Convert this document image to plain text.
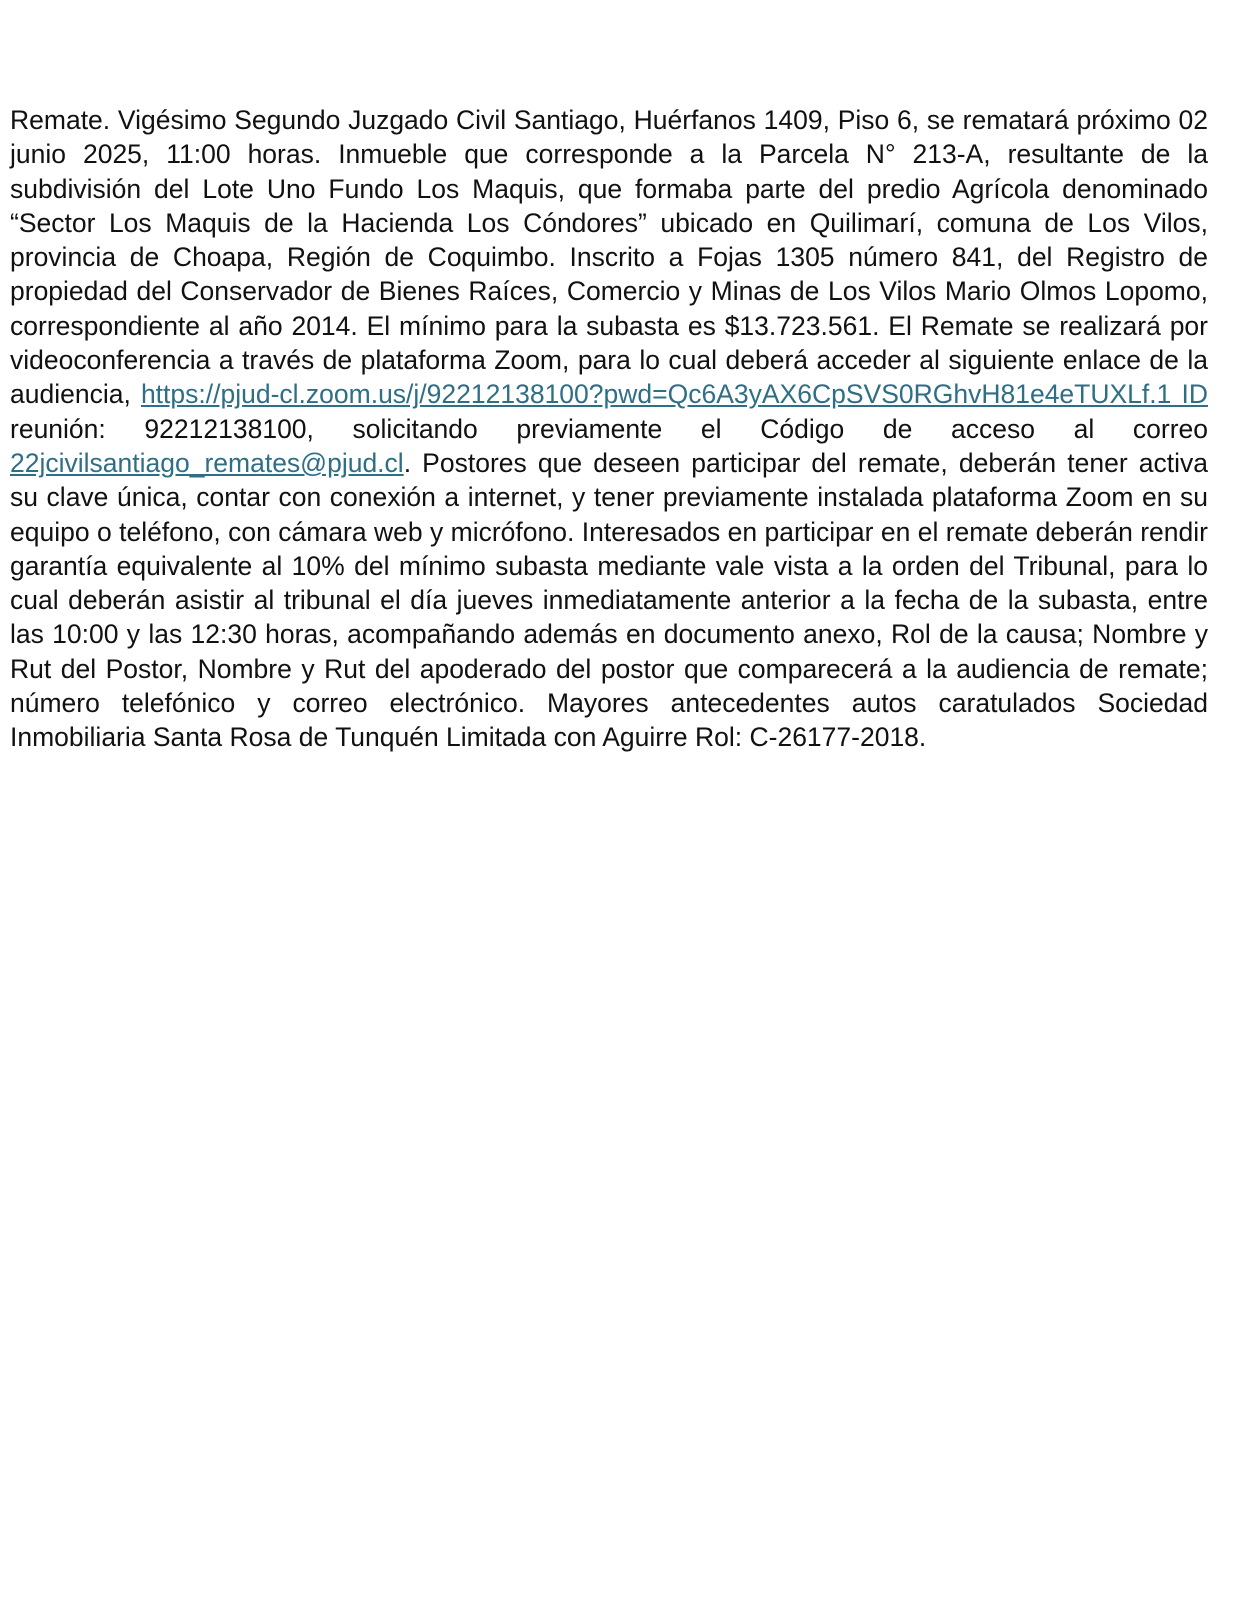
Remate. Vigésimo Segundo Juzgado Civil Santiago, Huérfanos 1409, Piso 6, se rematará próximo 02 junio 2025, 11:00 horas. Inmueble que corresponde a la Parcela N° 213-A, resultante de la subdivisión del Lote Uno Fundo Los Maquis, que formaba parte del predio Agrícola denominado “Sector Los Maquis de la Hacienda Los Cóndores” ubicado en Quilimarí, comuna de Los Vilos, provincia de Choapa, Región de Coquimbo. Inscrito a Fojas 1305 número 841, del Registro de propiedad del Conservador de Bienes Raíces, Comercio y Minas de Los Vilos Mario Olmos Lopomo, correspondiente al año 2014. El mínimo para la subasta es $13.723.561. El Remate se realizará por videoconferencia a través de plataforma Zoom, para lo cual deberá acceder al siguiente enlace de la audiencia, https://pjud-cl.zoom.us/j/92212138100?pwd=Qc6A3yAX6CpSVS0RGhvH81e4eTUXLf.1 ID reunión: 92212138100, solicitando previamente el Código de acceso al correo 22jcivilsantiago_remates@pjud.cl. Postores que deseen participar del remate, deberán tener activa su clave única, contar con conexión a internet, y tener previamente instalada plataforma Zoom en su equipo o teléfono, con cámara web y micrófono. Interesados en participar en el remate deberán rendir garantía equivalente al 10% del mínimo subasta mediante vale vista a la orden del Tribunal, para lo cual deberán asistir al tribunal el día jueves inmediatamente anterior a la fecha de la subasta, entre las 10:00 y las 12:30 horas, acompañando además en documento anexo, Rol de la causa; Nombre y Rut del Postor, Nombre y Rut del apoderado del postor que comparecerá a la audiencia de remate; número telefónico y correo electrónico. Mayores antecedentes autos caratulados Sociedad Inmobiliaria Santa Rosa de Tunquén Limitada con Aguirre Rol: C-26177-2018.
